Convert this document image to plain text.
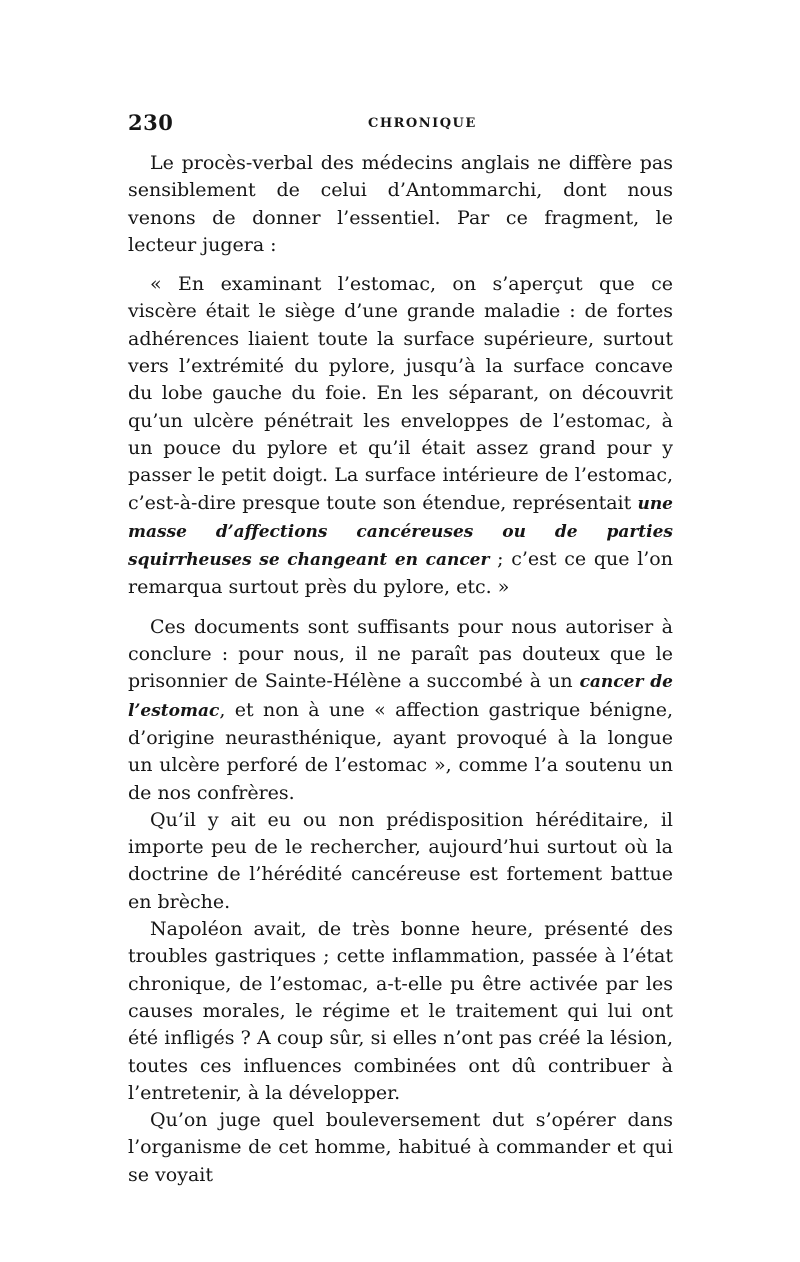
230	CHRONIQUE

Le procès-verbal des médecins anglais ne diffère pas sensiblement de celui d’Antommarchi, dont nous venons de donner l’essentiel. Par ce fragment, le lecteur jugera :

« En examinant l’estomac, on s’aperçut que ce viscère était le siège d’une grande maladie : de fortes adhérences liaient toute la surface supérieure, surtout vers l’extrémité du pylore, jusqu’à la surface concave du lobe gauche du foie. En les séparant, on découvrit qu’un ulcère pénétrait les enveloppes de l’estomac, à un pouce du pylore et qu’il était assez grand pour y passer le petit doigt. La surface intérieure de l’estomac, c’est-à-dire presque toute son étendue, représentait une masse d’affections cancéreuses ou de parties squirrheuses se changeant en cancer ; c’est ce que l’on remarqua surtout près du pylore, etc. »

Ces documents sont suffisants pour nous autoriser à conclure : pour nous, il ne paraît pas douteux que le prisonnier de Sainte-Hélène a succombé à un cancer de l’estomac, et non à une « affection gastrique bénigne, d’origine neurasthénique, ayant provoqué à la longue un ulcère perforé de l’estomac », comme l’a soutenu un de nos confrères.

Qu’il y ait eu ou non prédisposition héréditaire, il importe peu de le rechercher, aujourd’hui surtout où la doctrine de l’hérédité cancéreuse est fortement battue en brèche.

Napoléon avait, de très bonne heure, présenté des troubles gastriques ; cette inflammation, passée à l’état chronique, de l’estomac, a-t-elle pu être activée par les causes morales, le régime et le traitement qui lui ont été infligés ? A coup sûr, si elles n’ont pas créé la lésion, toutes ces influences combinées ont dû contribuer à l’entretenir, à la développer.

Qu’on juge quel bouleversement dut s’opérer dans l’organisme de cet homme, habitué à commander et qui se voyait
